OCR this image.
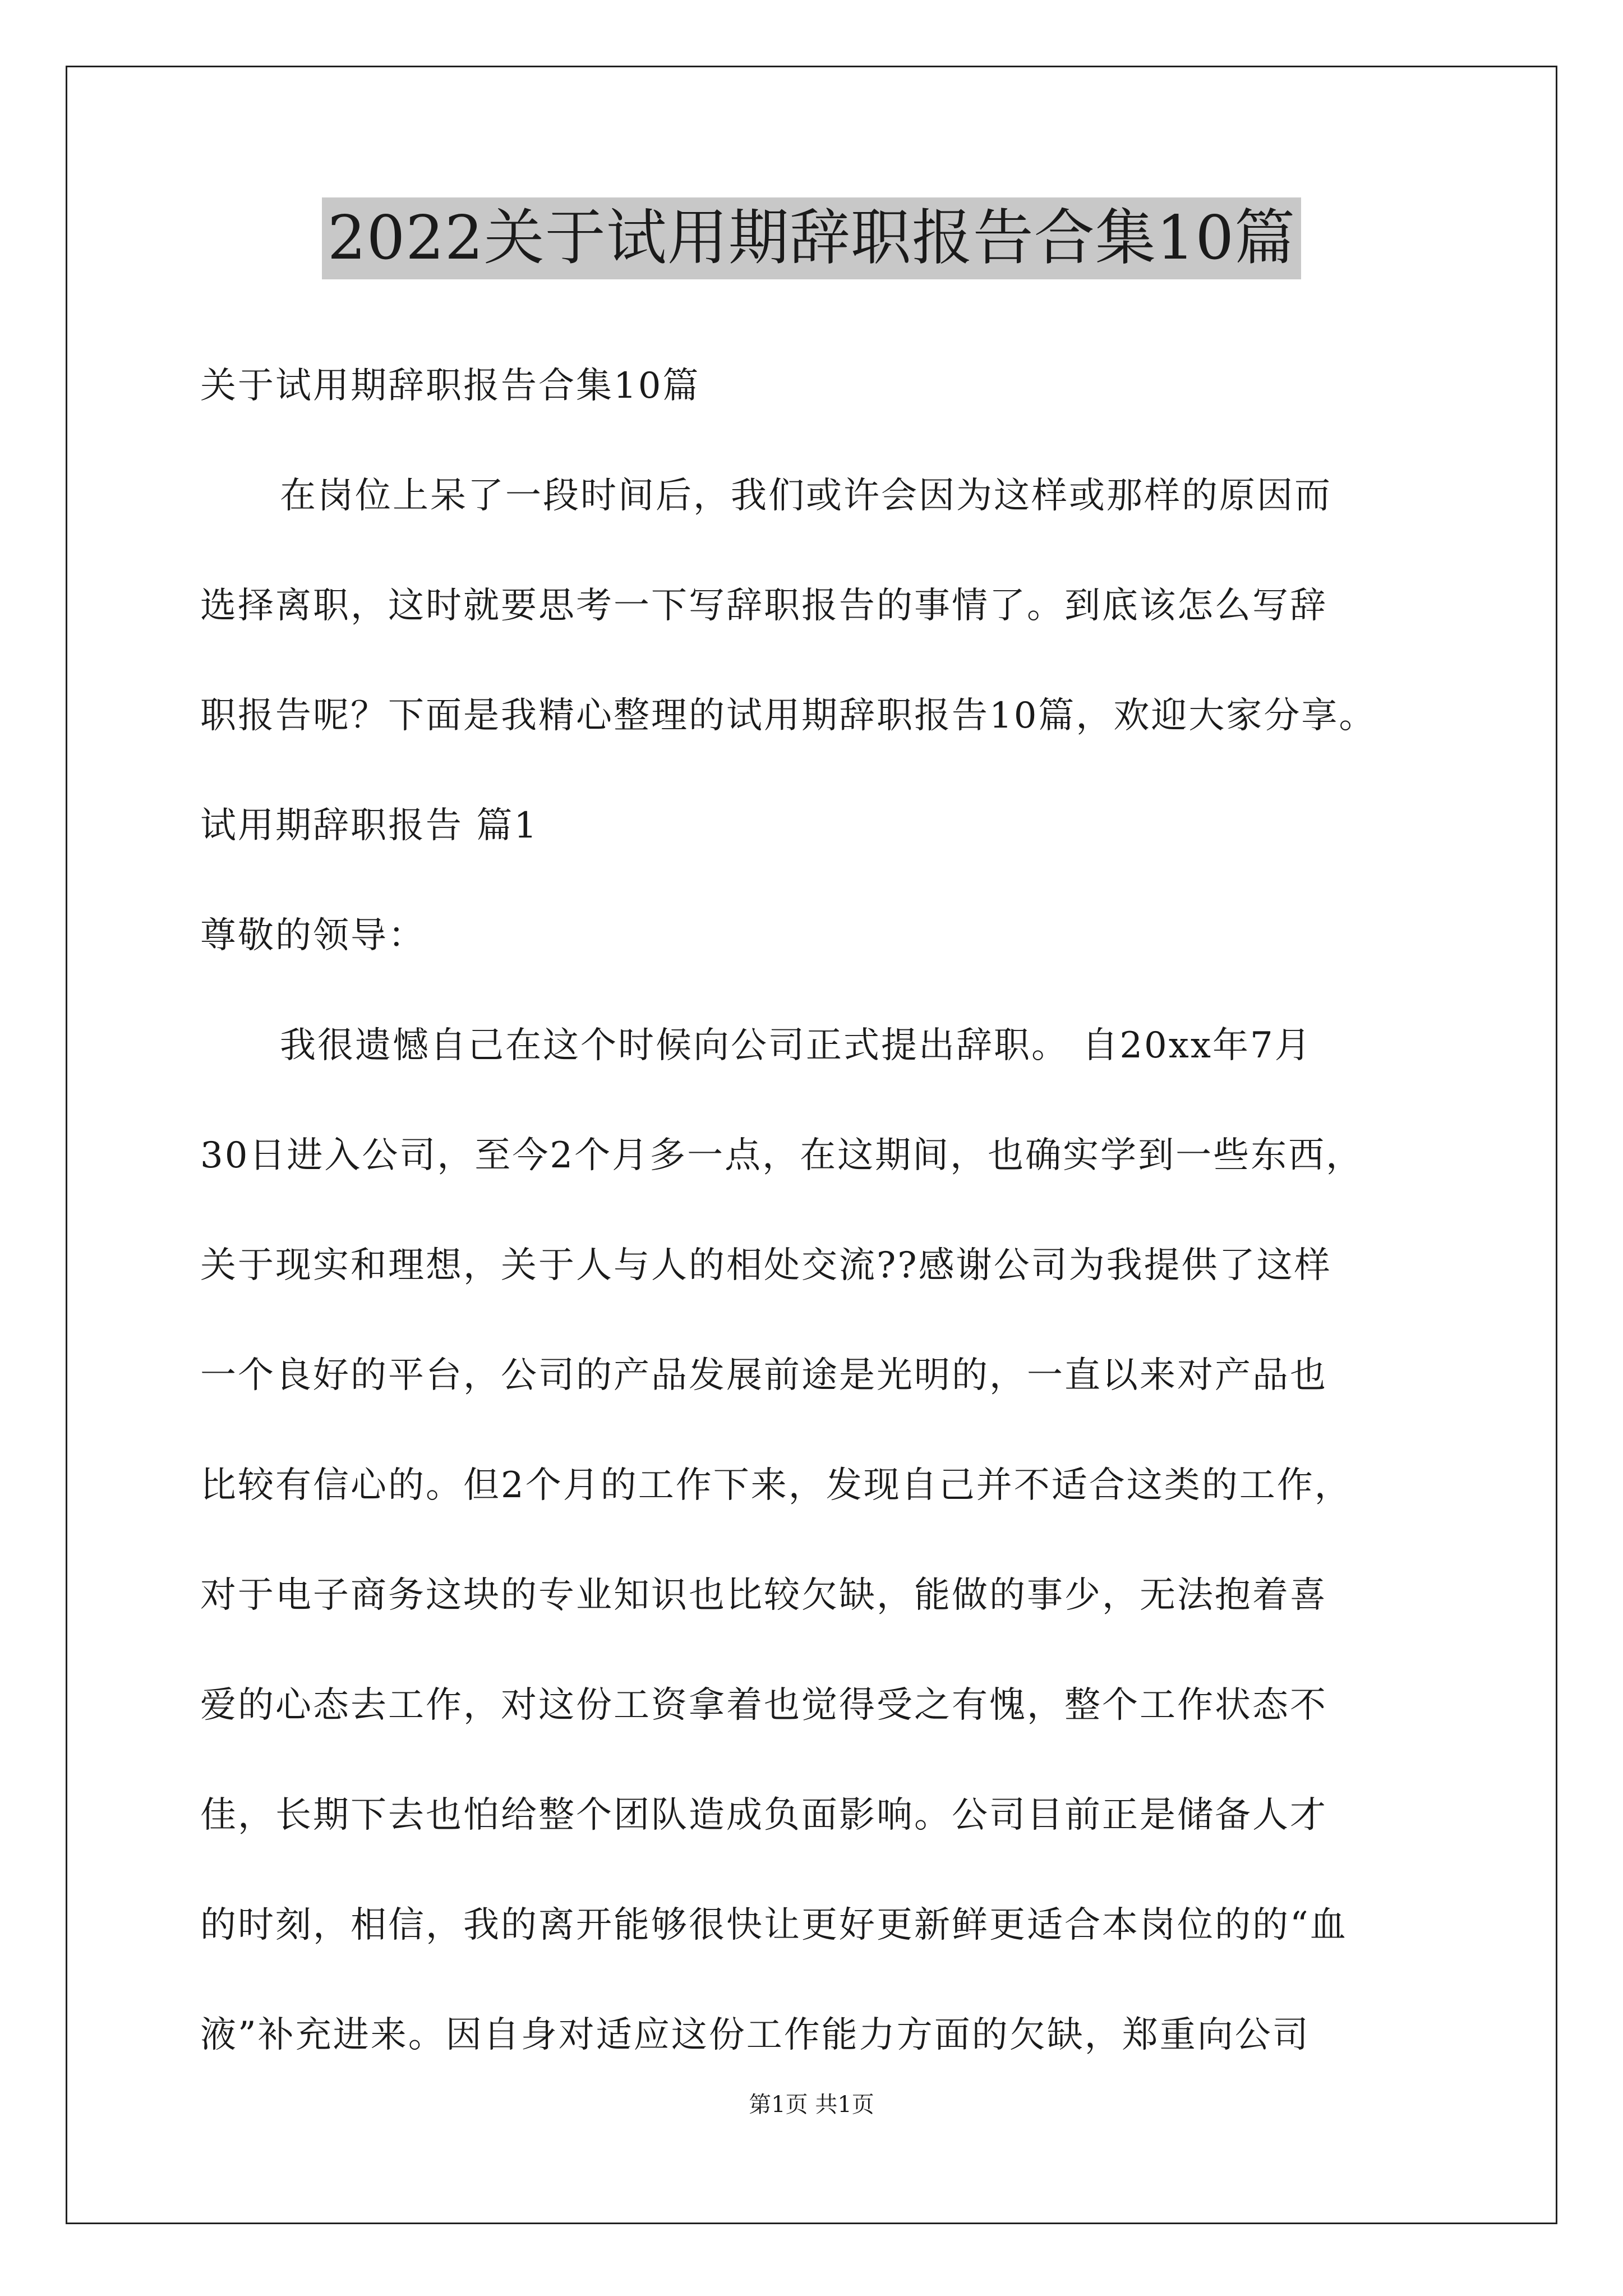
2022关于试用期辞职报告合集10篇
关于试用期辞职报告合集10篇
在岗位上呆了一段时间后，我们或许会因为这样或那样的原因而
选择离职，这时就要思考一下写辞职报告的事情了。到底该怎么写辞
职报告呢？下面是我精心整理的试用期辞职报告10篇，欢迎大家分享。
试用期辞职报告 篇1
尊敬的领导：
我很遗憾自己在这个时候向公司正式提出辞职。 自20xx年7月
30日进入公司，至今2个月多一点，在这期间，也确实学到一些东西，
关于现实和理想，关于人与人的相处交流??感谢公司为我提供了这样
一个良好的平台，公司的产品发展前途是光明的，一直以来对产品也
比较有信心的。但2个月的工作下来，发现自己并不适合这类的工作，
对于电子商务这块的专业知识也比较欠缺，能做的事少，无法抱着喜
爱的心态去工作，对这份工资拿着也觉得受之有愧，整个工作状态不
佳，长期下去也怕给整个团队造成负面影响。公司目前正是储备人才
的时刻，相信，我的离开能够很快让更好更新鲜更适合本岗位的的“血
液”补充进来。因自身对适应这份工作能力方面的欠缺，郑重向公司
第1页 共1页
